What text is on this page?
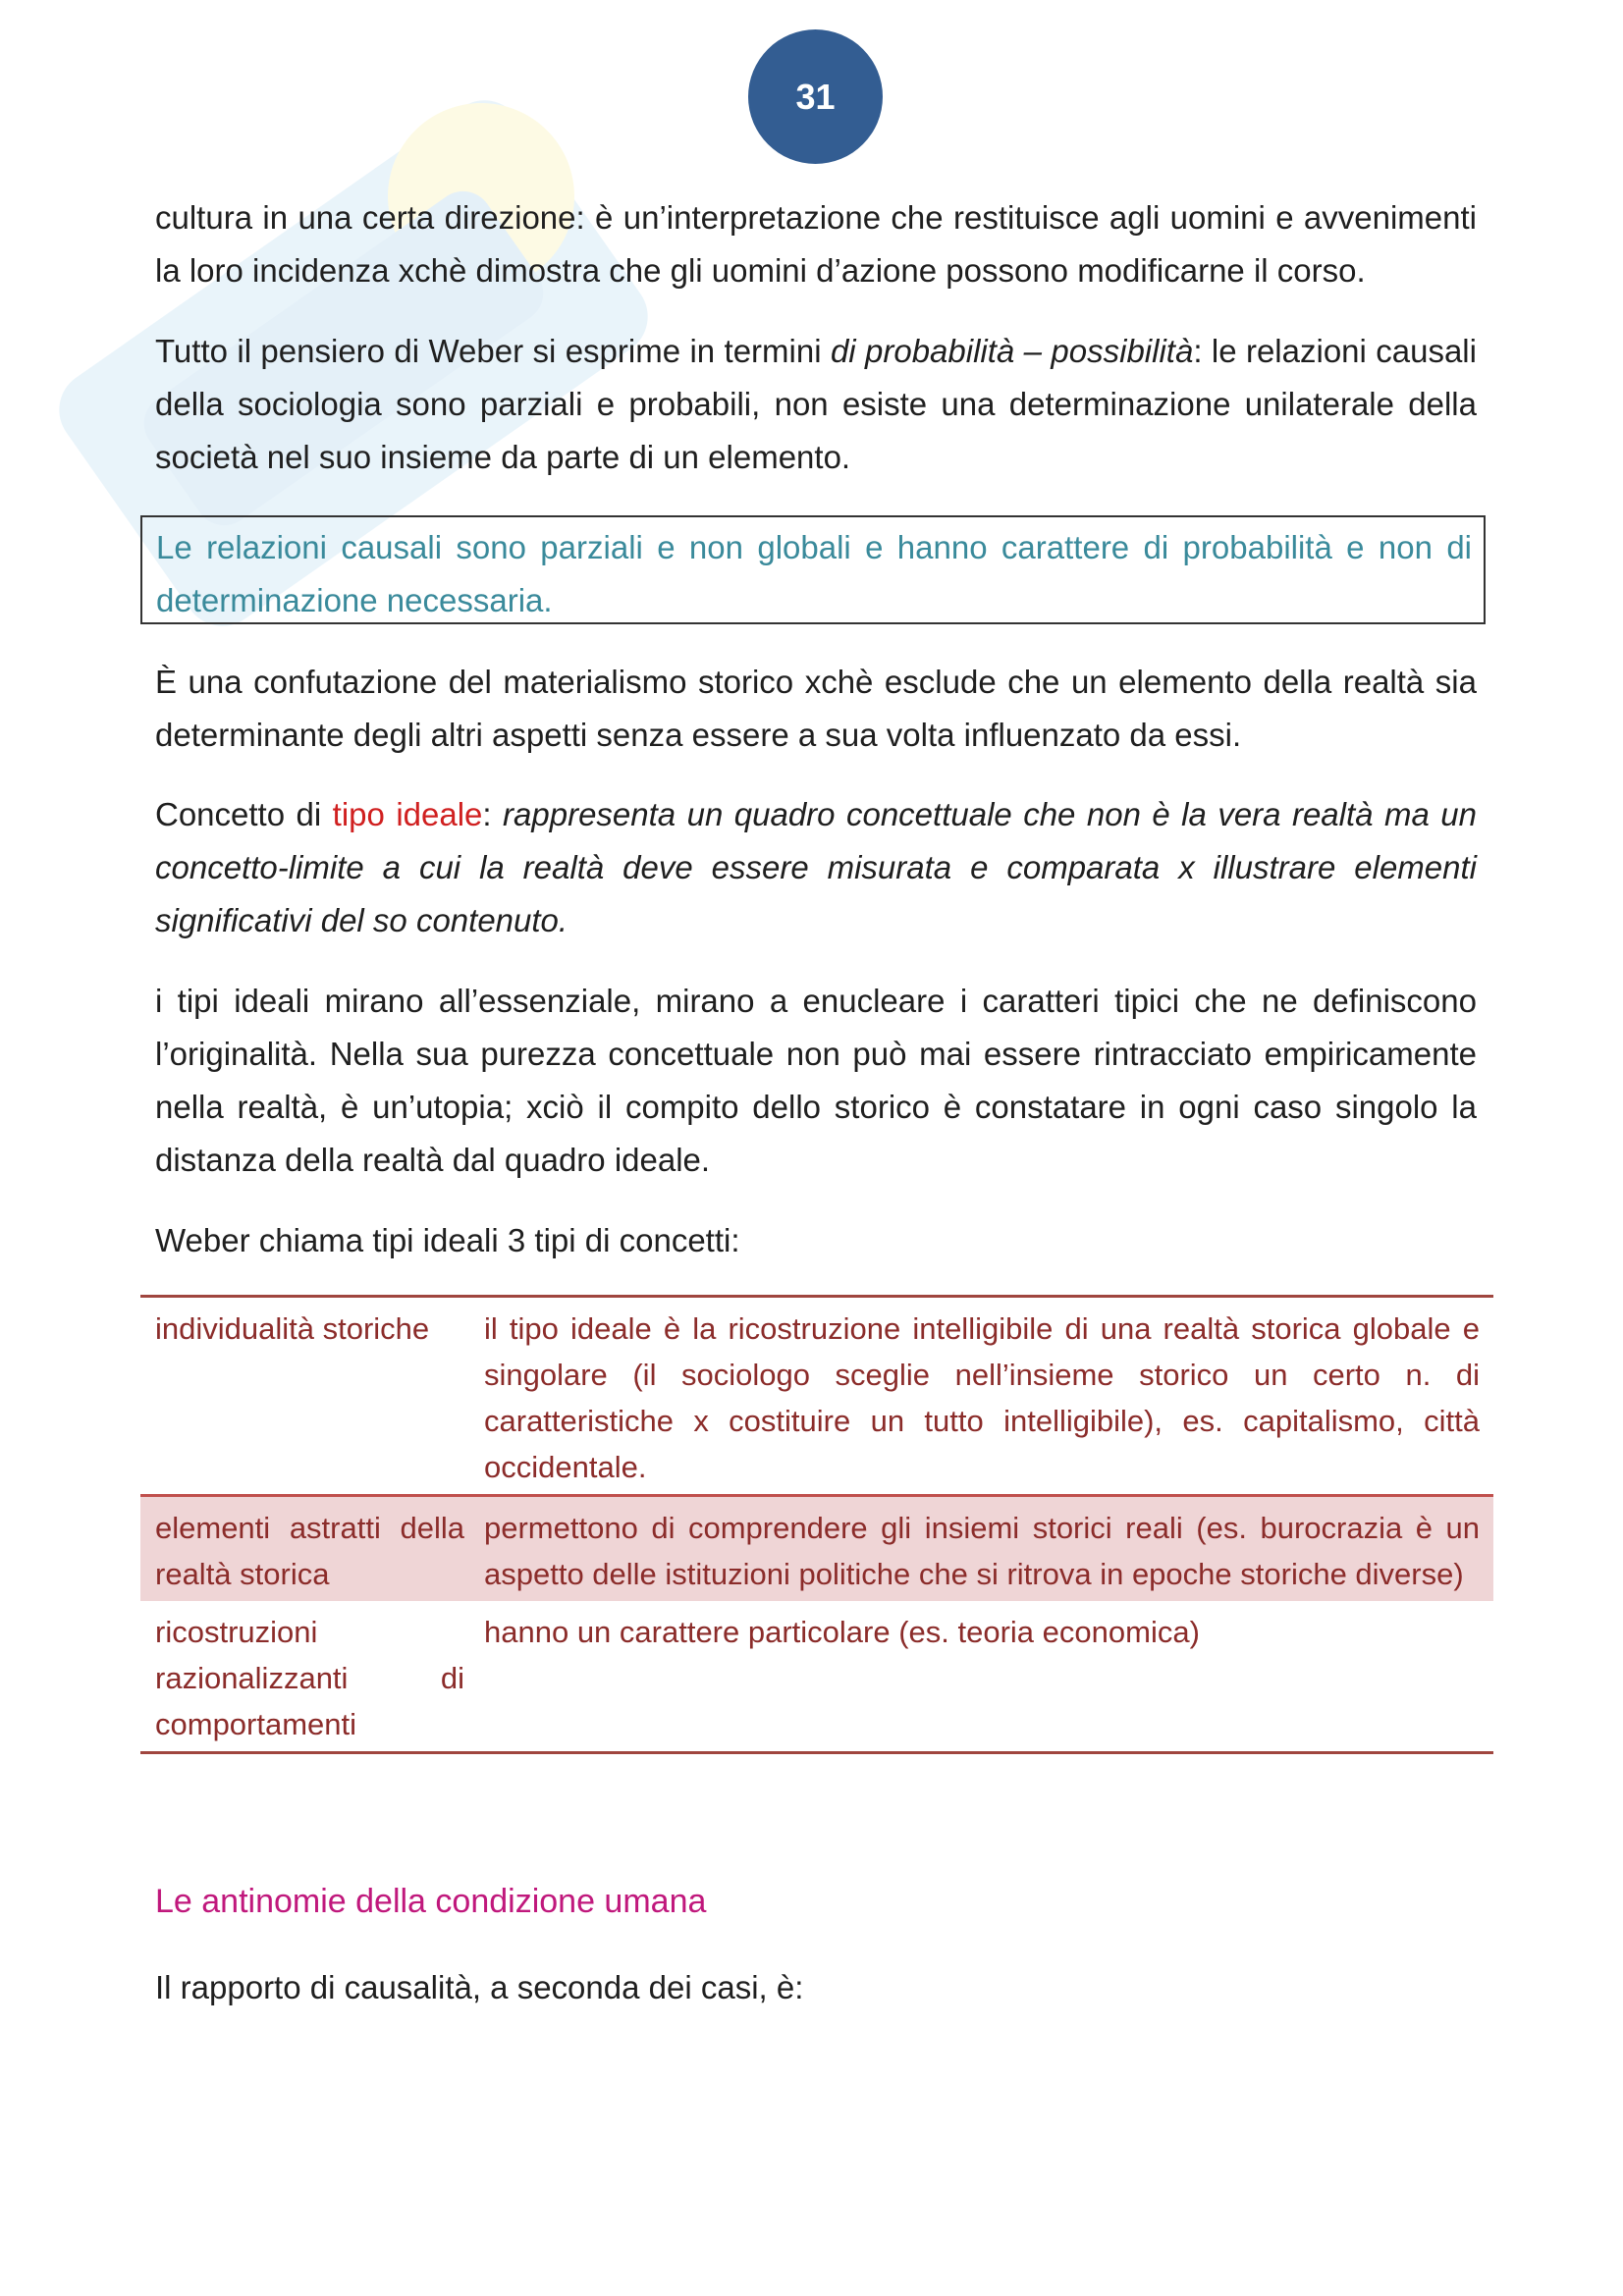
31

cultura in una certa direzione: è un’interpretazione che restituisce agli uomini e avvenimenti la loro incidenza xchè dimostra che gli uomini d’azione possono modificarne il corso.

Tutto il pensiero di Weber si esprime in termini di probabilità – possibilità: le relazioni causali della sociologia sono parziali e probabili, non esiste una determinazione unilaterale della società nel suo insieme da parte di un elemento.

Le relazioni causali sono parziali e non globali e hanno carattere di probabilità e non di determinazione necessaria.

È una confutazione del materialismo storico xchè esclude che un elemento della realtà sia determinante degli altri aspetti senza essere a sua volta influenzato da essi.

Concetto di tipo ideale: rappresenta un quadro concettuale che non è la vera realtà ma un concetto-limite a cui la realtà deve essere misurata e comparata x illustrare elementi significativi del so contenuto.

i tipi ideali mirano all’essenziale, mirano a enucleare i caratteri tipici che ne definiscono l’originalità. Nella sua purezza concettuale non può mai essere rintracciato empiricamente nella realtà, è un’utopia; xciò il compito dello storico è constatare in ogni caso singolo la distanza della realtà dal quadro ideale.

Weber chiama tipi ideali 3 tipi di concetti:

individualità storiche	il tipo ideale è la ricostruzione intelligibile di una realtà storica globale e singolare (il sociologo sceglie nell’insieme storico un certo n. di caratteristiche x costituire un tutto intelligibile), es. capitalismo, città occidentale.
elementi astratti della realtà storica
permettono di comprendere gli insiemi storici reali (es. burocrazia è un aspetto delle istituzioni politiche che si ritrova in epoche storiche diverse)
ricostruzioni razionalizzanti di comportamenti
hanno un carattere particolare (es. teoria economica)

Le antinomie della condizione umana

Il rapporto di causalità, a seconda dei casi, è:
